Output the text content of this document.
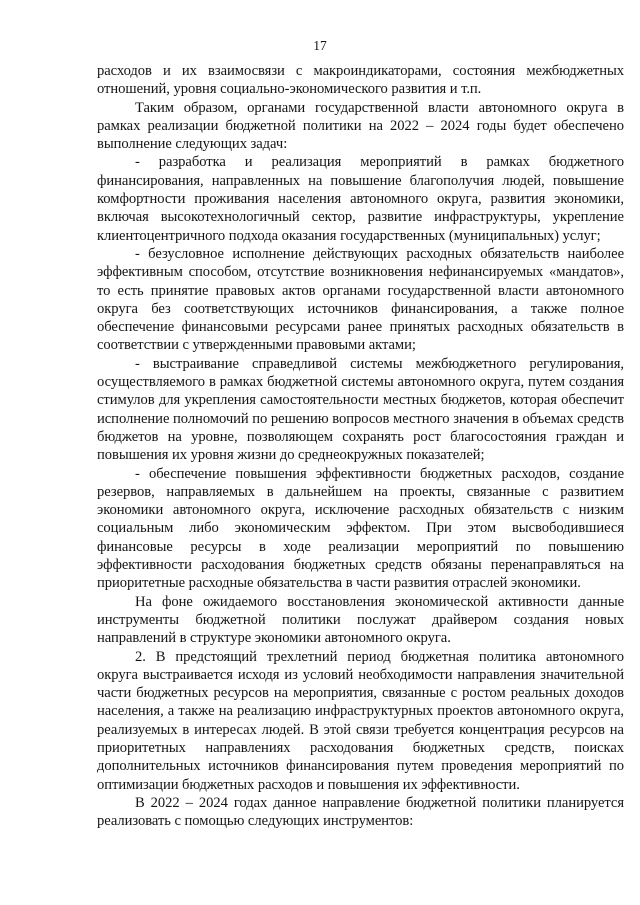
17

расходов и их взаимосвязи с макроиндикаторами, состояния межбюджетных отношений, уровня социально-экономического развития и т.п.

Таким образом, органами государственной власти автономного округа в рамках реализации бюджетной политики на 2022 – 2024 годы будет обеспечено выполнение следующих задач:

- разработка и реализация мероприятий в рамках бюджетного финансирования, направленных на повышение благополучия людей, повышение комфортности проживания населения автономного округа, развития экономики, включая высокотехнологичный сектор, развитие инфраструктуры, укрепление клиентоцентричного подхода оказания государственных (муниципальных) услуг;

- безусловное исполнение действующих расходных обязательств наиболее эффективным способом, отсутствие возникновения нефинансируемых «мандатов», то есть принятие правовых актов органами государственной власти автономного округа без соответствующих источников финансирования, а также полное обеспечение финансовыми ресурсами ранее принятых расходных обязательств в соответствии с утвержденными правовыми актами;

- выстраивание справедливой системы межбюджетного регулирования, осуществляемого в рамках бюджетной системы автономного округа, путем создания стимулов для укрепления самостоятельности местных бюджетов, которая обеспечит исполнение полномочий по решению вопросов местного значения в объемах средств бюджетов на уровне, позволяющем сохранять рост благосостояния граждан и повышения их уровня жизни до среднеокружных показателей;

- обеспечение повышения эффективности бюджетных расходов, создание резервов, направляемых в дальнейшем на проекты, связанные с развитием экономики автономного округа, исключение расходных обязательств с низким социальным либо экономическим эффектом. При этом высвободившиеся финансовые ресурсы в ходе реализации мероприятий по повышению эффективности расходования бюджетных средств обязаны перенаправляться на приоритетные расходные обязательства в части развития отраслей экономики.

На фоне ожидаемого восстановления экономической активности данные инструменты бюджетной политики послужат драйвером создания новых направлений в структуре экономики автономного округа.

2. В предстоящий трехлетний период бюджетная политика автономного округа выстраивается исходя из условий необходимости направления значительной части бюджетных ресурсов на мероприятия, связанные с ростом реальных доходов населения, а также на реализацию инфраструктурных проектов автономного округа, реализуемых в интересах людей. В этой связи требуется концентрация ресурсов на приоритетных направлениях расходования бюджетных средств, поисках дополнительных источников финансирования путем проведения мероприятий по оптимизации бюджетных расходов и повышения их эффективности.

В 2022 – 2024 годах данное направление бюджетной политики планируется реализовать с помощью следующих инструментов:
